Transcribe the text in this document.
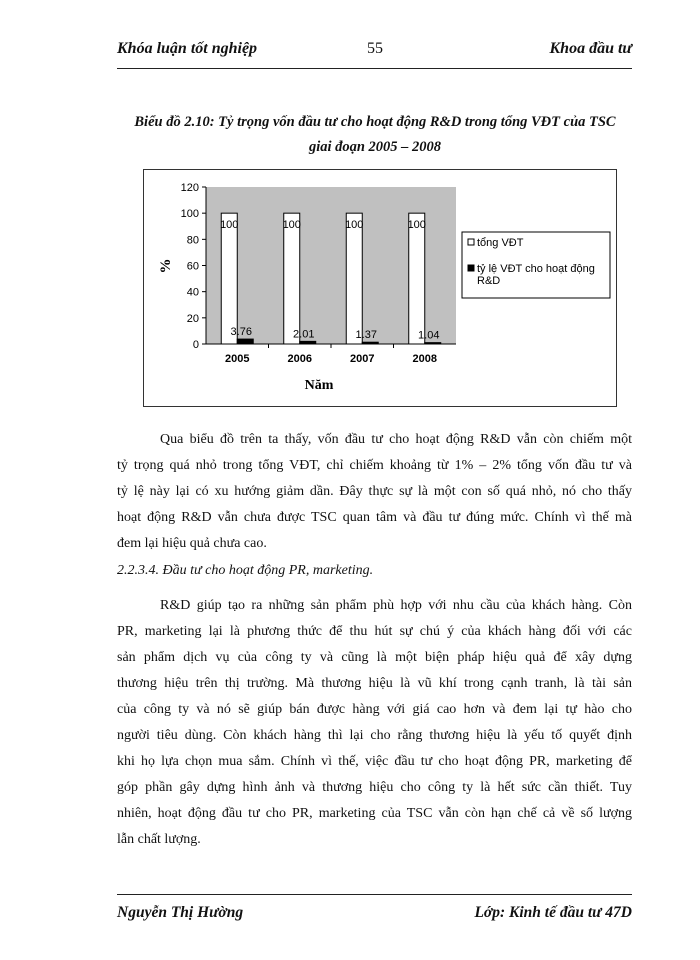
Khóa luận tốt nghiệp	55	Khoa đầu tư
Biểu đồ 2.10: Tỷ trọng vốn đầu tư cho hoạt động R&D trong tổng VĐT của TSC
giai đoạn 2005 – 2008
0
20
40
60
80
100
120
100
3.76
2005
100
2.01
2006
100
1.37
2007
100
1.04
2008
Năm
%
tổng VĐT
tỷ lệ VĐT cho hoạt động
R&D
Qua biểu đồ trên ta thấy, vốn đầu tư cho hoạt động R&D vẫn còn chiếm một
tỷ trọng quá nhỏ trong tổng VĐT, chỉ chiếm khoảng từ 1% – 2% tổng vốn đầu tư và
tỷ lệ này lại có xu hướng giảm dần. Đây thực sự là một con số quá nhỏ, nó cho thấy
hoạt động R&D vẫn chưa được TSC quan tâm và đầu tư đúng mức. Chính vì thế mà
đem lại hiệu quả chưa cao.
2.2.3.4. Đầu tư cho hoạt động PR, marketing.
R&D giúp tạo ra những sản phẩm phù hợp với nhu cầu của khách hàng. Còn
PR, marketing lại là phương thức để thu hút sự chú ý của khách hàng đối với các
sản phẩm dịch vụ của công ty và cũng là một biện pháp hiệu quả để xây dựng
thương hiệu trên thị trường. Mà thương hiệu là vũ khí trong cạnh tranh, là tài sản
của công ty và nó sẽ giúp bán được hàng với giá cao hơn và đem lại tự hào cho
người tiêu dùng. Còn khách hàng thì lại cho rằng thương hiệu là yếu tố quyết định
khi họ lựa chọn mua sắm. Chính vì thế, việc đầu tư cho hoạt động PR, marketing để
góp phần gây dựng hình ảnh và thương hiệu cho công ty là hết sức cần thiết. Tuy
nhiên, hoạt động đầu tư cho PR, marketing của TSC vẫn còn hạn chế cả về số lượng
lẫn chất lượng.
Nguyễn Thị Hường	Lớp: Kinh tế đầu tư 47D
